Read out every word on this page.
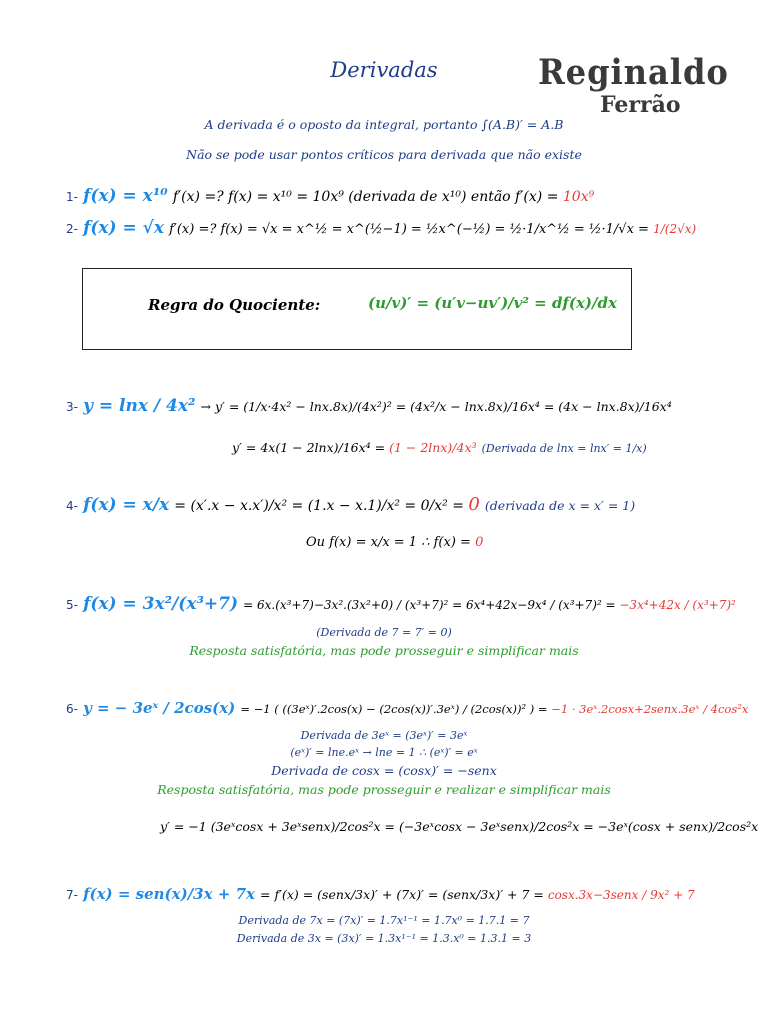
Derivadas	Reginaldo
Ferrão
A derivada é o oposto da integral, portanto ∫(A.B)′ = A.B
Não se pode usar pontos críticos para derivada que não existe
1- f(x) = x¹⁰ f′(x) =? f(x) = x¹⁰ = 10x⁹ (derivada de x¹⁰) então f′(x) = 10x⁹
2- f(x) = √x f′(x) =? f(x) = √x = x^½ = x^(½−1) = ½x^(−½) = ½·1/x^½ = ½·1/√x = 1/(2√x)
Regra do Quociente:	(u/v)′ = (u′v−uv′)/v² = df(x)/dx
3- y = lnx / 4x² → y′ = (1/x·4x² − lnx.8x)/(4x²)² = (4x²/x − lnx.8x)/16x⁴ = (4x − lnx.8x)/16x⁴
y′ = 4x(1 − 2lnx)/16x⁴ = (1 − 2lnx)/4x³ (Derivada de lnx = lnx′ = 1/x)
4- f(x) = x/x = (x′.x − x.x′)/x² = (1.x − x.1)/x² = 0/x² = 0 (derivada de x = x′ = 1)
Ou f(x) = x/x = 1 ∴ f(x) = 0
5- f(x) = 3x²/(x³+7) = 6x.(x³+7)−3x².(3x²+0) / (x³+7)² = 6x⁴+42x−9x⁴ / (x³+7)² = −3x⁴+42x / (x³+7)²
(Derivada de 7 = 7′ = 0)
Resposta satisfatória, mas pode prosseguir e simplificar mais
6- y = − 3eˣ / 2cos(x) = −1 ( ((3eˣ)′.2cos(x) − (2cos(x))′.3eˣ) / (2cos(x))² ) = −1 · 3eˣ.2cosx+2senx.3eˣ / 4cos²x
Derivada de 3eˣ = (3eˣ)′ = 3eˣ
(eˣ)′ = lne.eˣ → lne = 1 ∴ (eˣ)′ = eˣ
Derivada de cosx = (cosx)′ = −senx
Resposta satisfatória, mas pode prosseguir e realizar e simplificar mais
y′ = −1 (3eˣcosx + 3eˣsenx)/2cos²x = (−3eˣcosx − 3eˣsenx)/2cos²x = −3eˣ(cosx + senx)/2cos²x
7- f(x) = sen(x)/3x + 7x = f′(x) = (senx/3x)′ + (7x)′ = (senx/3x)′ + 7 = cosx.3x−3senx / 9x² + 7
Derivada de 7x = (7x)′ = 1.7x¹⁻¹ = 1.7x⁰ = 1.7.1 = 7
Derivada de 3x = (3x)′ = 1.3x¹⁻¹ = 1.3.x⁰ = 1.3.1 = 3
